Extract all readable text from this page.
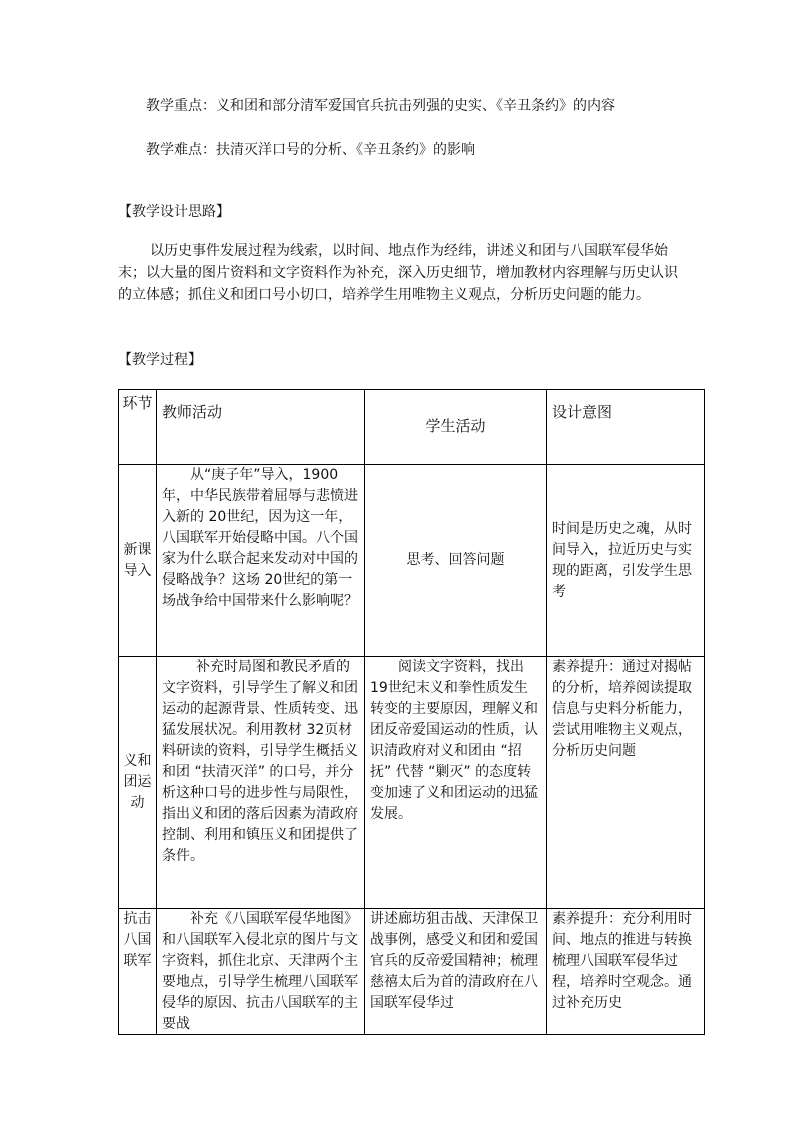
教学重点：义和团和部分清军爱国官兵抗击列强的史实、《辛丑条约》的内容

教学难点：扶清灭洋口号的分析、《辛丑条约》的影响

【教学设计思路】

以历史事件发展过程为线索，以时间、地点作为经纬，讲述义和团与八国联军侵华始末；以大量的图片资料和文字资料作为补充，深入历史细节，增加教材内容理解与历史认识的立体感；抓住义和团口号小切口，培养学生用唯物主义观点，分析历史问题的能力。

【教学过程】

环节	教师活动	学生活动	设计意图
新课导入	从“庚子年”导入，1900年，中华民族带着屈辱与悲愤进入新的 20世纪，因为这一年，八国联军开始侵略中国。八个国家为什么联合起来发动对中国的侵略战争？这场 20世纪的第一场战争给中国带来什么影响呢？	思考、回答问题	时间是历史之魂，从时间导入，拉近历史与实现的距离，引发学生思考
义和团运动	补充时局图和教民矛盾的文字资料，引导学生了解义和团运动的起源背景、性质转变、迅猛发展状况。利用教材 32页材料研读的资料，引导学生概括义和团 “扶清灭洋” 的口号，并分析这种口号的进步性与局限性，指出义和团的落后因素为清政府控制、利用和镇压义和团提供了条件。	阅读文字资料，找出19世纪末义和拳性质发生转变的主要原因，理解义和团反帝爱国运动的性质，认识清政府对义和团由 “招抚” 代替 “剿灭” 的态度转变加速了义和团运动的迅猛发展。	素养提升：通过对揭帖的分析，培养阅读提取信息与史料分析能力，尝试用唯物主义观点，分析历史问题

抗击八国联军	补充《八国联军侵华地图》和八国联军入侵北京的图片与文字资料，抓住北京、天津两个主要地点，引导学生梳理八国联军侵华的原因、抗击八国联军的主要战	讲述廊坊狙击战、天津保卫战事例，感受义和团和爱国官兵的反帝爱国精神；梳理慈禧太后为首的清政府在八国联军侵华过	素养提升：充分利用时间、地点的推进与转换梳理八国联军侵华过程，培养时空观念。通过补充历史
